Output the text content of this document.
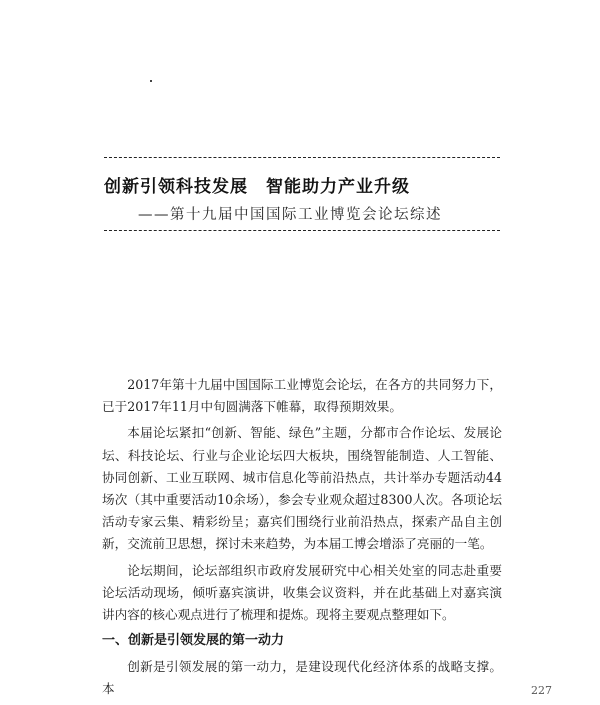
创新引领科技发展　智能助力产业升级
——第十九届中国国际工业博览会论坛综述

2017年第十九届中国国际工业博览会论坛，在各方的共同努力下，已于2017年11月中旬圆满落下帷幕，取得预期效果。

本届论坛紧扣“创新、智能、绿色”主题，分都市合作论坛、发展论坛、科技论坛、行业与企业论坛四大板块，围绕智能制造、人工智能、协同创新、工业互联网、城市信息化等前沿热点，共计举办专题活动44场次（其中重要活动10余场），参会专业观众超过8300人次。各项论坛活动专家云集、精彩纷呈；嘉宾们围绕行业前沿热点，探索产品自主创新，交流前卫思想，探讨未来趋势，为本届工博会增添了亮丽的一笔。

论坛期间，论坛部组织市政府发展研究中心相关处室的同志赴重要论坛活动现场，倾听嘉宾演讲，收集会议资料，并在此基础上对嘉宾演讲内容的核心观点进行了梳理和提炼。现将主要观点整理如下。

一、创新是引领发展的第一动力

创新是引领发展的第一动力，是建设现代化经济体系的战略支撑。本	227
